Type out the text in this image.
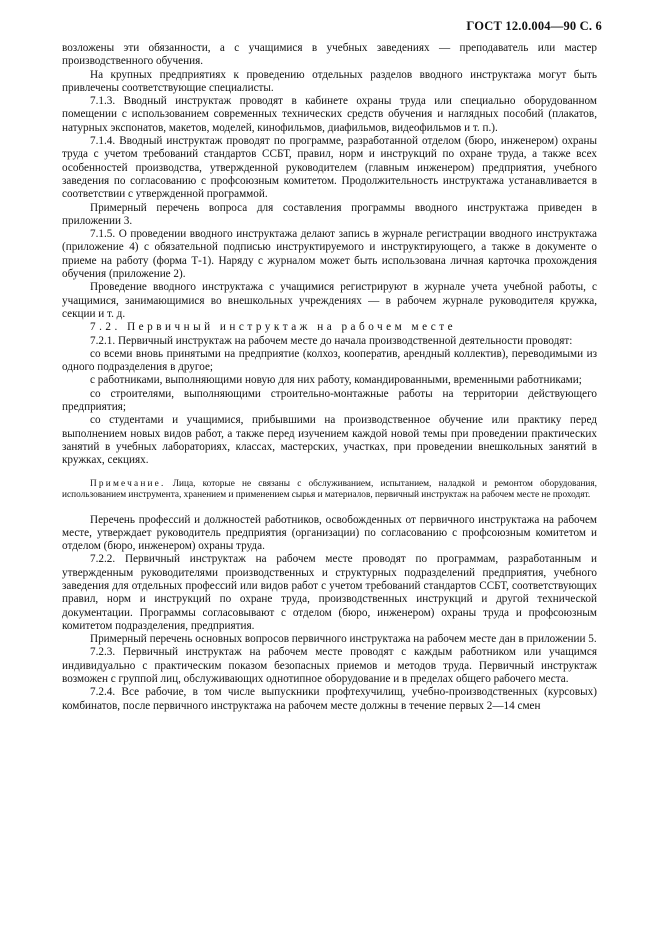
ГОСТ 12.0.004—90 С. 6

возложены эти обязанности, а с учащимися в учебных заведениях — преподаватель или мастер производственного обучения.

На крупных предприятиях к проведению отдельных разделов вводного инструктажа могут быть привлечены соответствующие специалисты.

7.1.3. Вводный инструктаж проводят в кабинете охраны труда или специально оборудованном помещении с использованием современных технических средств обучения и наглядных пособий (плакатов, натурных экспонатов, макетов, моделей, кинофильмов, диафильмов, видеофильмов и т. п.).

7.1.4. Вводный инструктаж проводят по программе, разработанной отделом (бюро, инженером) охраны труда с учетом требований стандартов ССБТ, правил, норм и инструкций по охране труда, а также всех особенностей производства, утвержденной руководителем (главным инженером) предприятия, учебного заведения по согласованию с профсоюзным комитетом. Продолжительность инструктажа устанавливается в соответствии с утвержденной программой.

Примерный перечень вопроса для составления программы вводного инструктажа приведен в приложении 3.

7.1.5. О проведении вводного инструктажа делают запись в журнале регистрации вводного инструктажа (приложение 4) с обязательной подписью инструктируемого и инструктирующего, а также в документе о приеме на работу (форма Т-1). Наряду с журналом может быть использована личная карточка прохождения обучения (приложение 2).

Проведение вводного инструктажа с учащимися регистрируют в журнале учета учебной работы, с учащимися, занимающимися во внешкольных учреждениях — в рабочем журнале руководителя кружка, секции и т. д.

7.2. Первичный инструктаж на рабочем месте

7.2.1. Первичный инструктаж на рабочем месте до начала производственной деятельности проводят:

со всеми вновь принятыми на предприятие (колхоз, кооператив, арендный коллектив), переводимыми из одного подразделения в другое;

с работниками, выполняющими новую для них работу, командированными, временными работниками;

со строителями, выполняющими строительно-монтажные работы на территории действующего предприятия;

со студентами и учащимися, прибывшими на производственное обучение или практику перед выполнением новых видов работ, а также перед изучением каждой новой темы при проведении практических занятий в учебных лабораториях, классах, мастерских, участках, при проведении внешкольных занятий в кружках, секциях.

Примечание. Лица, которые не связаны с обслуживанием, испытанием, наладкой и ремонтом оборудования, использованием инструмента, хранением и применением сырья и материалов, первичный инструктаж на рабочем месте не проходят.

Перечень профессий и должностей работников, освобожденных от первичного инструктажа на рабочем месте, утверждает руководитель предприятия (организации) по согласованию с профсоюзным комитетом и отделом (бюро, инженером) охраны труда.

7.2.2. Первичный инструктаж на рабочем месте проводят по программам, разработанным и утвержденным руководителями производственных и структурных подразделений предприятия, учебного заведения для отдельных профессий или видов работ с учетом требований стандартов ССБТ, соответствующих правил, норм и инструкций по охране труда, производственных инструкций и другой технической документации. Программы согласовывают с отделом (бюро, инженером) охраны труда и профсоюзным комитетом подразделения, предприятия.

Примерный перечень основных вопросов первичного инструктажа на рабочем месте дан в приложении 5.

7.2.3. Первичный инструктаж на рабочем месте проводят с каждым работником или учащимся индивидуально с практическим показом безопасных приемов и методов труда. Первичный инструктаж возможен с группой лиц, обслуживающих однотипное оборудование и в пределах общего рабочего места.

7.2.4. Все рабочие, в том числе выпускники профтехучилищ, учебно-производственных (курсовых) комбинатов, после первичного инструктажа на рабочем месте должны в течение первых 2—14 смен
